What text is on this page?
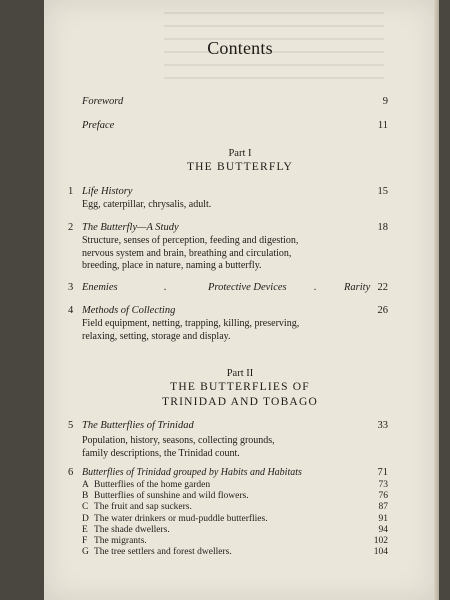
Contents
Foreword	9
Preface	11
Part I
THE BUTTERFLY
1 Life History	15
Egg, caterpillar, chrysalis, adult.
2 The Butterfly—A Study	18
Structure, senses of perception, feeding and digestion,
nervous system and brain, breathing and circulation,
breeding, place in nature, naming a butterfly.
3 Enemies	.	Protective Devices	.	Rarity 22
4 Methods of Collecting	26
Field equipment, netting, trapping, killing, preserving,
relaxing, setting, storage and display.
Part II
THE BUTTERFLIES OF
TRINIDAD AND TOBAGO
5 The Butterflies of Trinidad	33
Population, history, seasons, collecting grounds,
family descriptions, the Trinidad count.
6 Butterflies of Trinidad grouped by Habits and Habitats	71
A Butterflies of the home garden	73
B Butterflies of sunshine and wild flowers.	76
C The fruit and sap suckers.	87
D The water drinkers or mud-puddle butterflies.	91
E The shade dwellers.	94
F The migrants.	102
G The tree settlers and forest dwellers.	104
